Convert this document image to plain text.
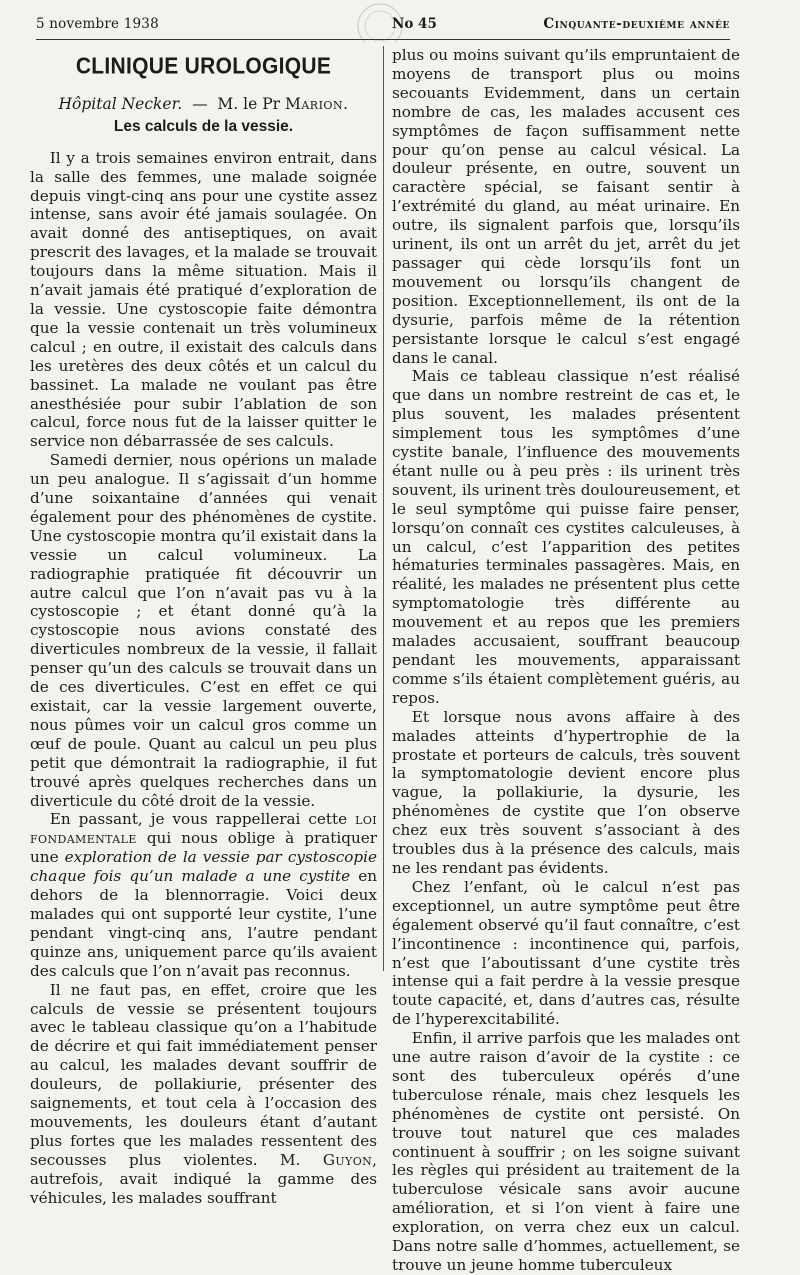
5 novembre 1938	No 45	Cinquante-deuxième année
CLINIQUE UROLOGIQUE
Hôpital Necker. — M. le Pr Marion.
Les calculs de la vessie.

Il y a trois semaines environ entrait, dans la salle des femmes, une malade soignée depuis vingt-cinq ans pour une cystite assez intense, sans avoir été jamais soulagée. On avait donné des antiseptiques, on avait prescrit des lavages, et la malade se trouvait toujours dans la même situation. Mais il n’avait jamais été pratiqué d’exploration de la vessie. Une cystoscopie faite démontra que la vessie contenait un très volumineux calcul ; en outre, il existait des calculs dans les uretères des deux côtés et un calcul du bassinet. La malade ne voulant pas être anesthésiée pour subir l’ablation de son calcul, force nous fut de la laisser quitter le service non débarrassée de ses calculs.

Samedi dernier, nous opérions un malade un peu analogue. Il s’agissait d’un homme d’une soixantaine d’années qui venait également pour des phénomènes de cystite. Une cystoscopie montra qu’il existait dans la vessie un calcul volumineux. La radiographie pratiquée fit découvrir un autre calcul que l’on n’avait pas vu à la cystoscopie ; et étant donné qu’à la cystoscopie nous avions constaté des diverticules nombreux de la vessie, il fallait penser qu’un des calculs se trouvait dans un de ces diverticules. C’est en effet ce qui existait, car la vessie largement ouverte, nous pûmes voir un calcul gros comme un œuf de poule. Quant au calcul un peu plus petit que démontrait la radiographie, il fut trouvé après quelques recherches dans un diverticule du côté droit de la vessie.

En passant, je vous rappellerai cette loi fondamentale qui nous oblige à pratiquer une exploration de la vessie par cystoscopie chaque fois qu’un malade a une cystite en dehors de la blennorragie. Voici deux malades qui ont supporté leur cystite, l’une pendant vingt-cinq ans, l’autre pendant quinze ans, uniquement parce qu’ils avaient des calculs que l’on n’avait pas reconnus.

Il ne faut pas, en effet, croire que les calculs de vessie se présentent toujours avec le tableau classique qu’on a l’habitude de décrire et qui fait immédiatement penser au calcul, les malades devant souffrir de douleurs, de pollakiurie, présenter des saignements, et tout cela à l’occasion des mouvements, les douleurs étant d’autant plus fortes que les malades ressentent des secousses plus violentes. M. Guyon, autrefois, avait indiqué la gamme des véhicules, les malades souffrant

plus ou moins suivant qu’ils empruntaient de moyens de transport plus ou moins secouants Evidemment, dans un certain nombre de cas, les malades accusent ces symptômes de façon suffisamment nette pour qu’on pense au calcul vésical. La douleur présente, en outre, souvent un caractère spécial, se faisant sentir à l’extrémité du gland, au méat urinaire. En outre, ils signalent parfois que, lorsqu’ils urinent, ils ont un arrêt du jet, arrêt du jet passager qui cède lorsqu’ils font un mouvement ou lorsqu’ils changent de position. Exceptionnellement, ils ont de la dysurie, parfois même de la rétention persistante lorsque le calcul s’est engagé dans le canal.

Mais ce tableau classique n’est réalisé que dans un nombre restreint de cas et, le plus souvent, les malades présentent simplement tous les symptômes d’une cystite banale, l’influence des mouvements étant nulle ou à peu près : ils urinent très souvent, ils urinent très douloureusement, et le seul symptôme qui puisse faire penser, lorsqu’on connaît ces cystites calculeuses, à un calcul, c’est l’apparition des petites hématuries terminales passagères. Mais, en réalité, les malades ne présentent plus cette symptomatologie très différente au mouvement et au repos que les premiers malades accusaient, souffrant beaucoup pendant les mouvements, apparaissant comme s’ils étaient complètement guéris, au repos.

Et lorsque nous avons affaire à des malades atteints d’hypertrophie de la prostate et porteurs de calculs, très souvent la symptomatologie devient encore plus vague, la pollakiurie, la dysurie, les phénomènes de cystite que l’on observe chez eux très souvent s’associant à des troubles dus à la présence des calculs, mais ne les rendant pas évidents.

Chez l’enfant, où le calcul n’est pas exceptionnel, un autre symptôme peut être également observé qu’il faut connaître, c’est l’incontinence : incontinence qui, parfois, n’est que l’aboutissant d’une cystite très intense qui a fait perdre à la vessie presque toute capacité, et, dans d’autres cas, résulte de l’hyperexcitabilité.

Enfin, il arrive parfois que les malades ont une autre raison d’avoir de la cystite : ce sont des tuberculeux opérés d’une tuberculose rénale, mais chez lesquels les phénomènes de cystite ont persisté. On trouve tout naturel que ces malades continuent à souffrir ; on les soigne suivant les règles qui président au traitement de la tuberculose vésicale sans avoir aucune amélioration, et si l’on vient à faire une exploration, on verra chez eux un calcul. Dans notre salle d’hommes, actuellement, se trouve un jeune homme tuberculeux
